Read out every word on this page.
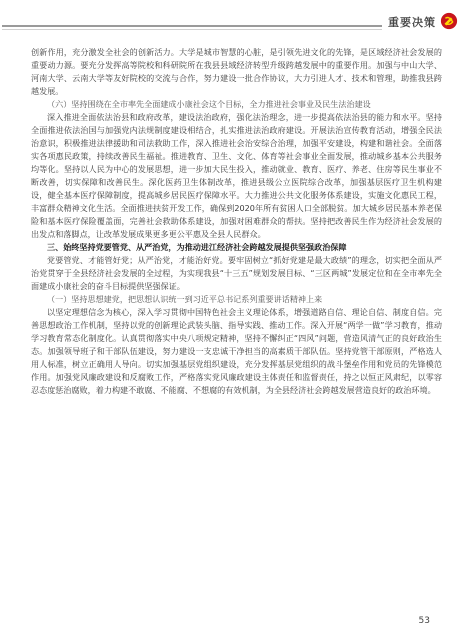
重要决策

创新作用，充分激发全社会的创新活力。大学是城市智慧的心脏，是引领先进文化的先锋，是区域经济社会发展的重要动力源。要充分发挥高等院校和科研院所在我县县域经济转型升级跨越发展中的重要作用。加强与中山大学、河南大学、云南大学等友好院校的交流与合作，努力建设一批合作协议，大力引进人才、技术和管理，助推我县跨越发展。

（六）坚持围绕在全市率先全面建成小康社会这个目标，全力推进社会事业及民生法治建设

深入推进全面依法治县和政府改革，建设法治政府，强化法治理念，进一步提高依法治县的能力和水平。坚持全面推进依法治国与加强党内法规制度建设相结合，扎实推进法治政府建设。开展法治宣传教育活动，增强全民法治意识，积极推进法律援助和司法救助工作，深入推进社会治安综合治理，加强平安建设，构建和谐社会。全面落实各项惠民政策，持续改善民生福祉。推进教育、卫生、文化、体育等社会事业全面发展，推动城乡基本公共服务均等化。坚持以人民为中心的发展思想，进一步加大民生投入，推动就业、教育、医疗、养老、住房等民生事业不断改善，切实保障和改善民生。深化医药卫生体制改革，推进县级公立医院综合改革，加强基层医疗卫生机构建设，健全基本医疗保障制度，提高城乡居民医疗保障水平。大力推进公共文化服务体系建设，实施文化惠民工程，丰富群众精神文化生活。全面推进扶贫开发工作，确保到2020年所有贫困人口全部脱贫。加大城乡居民基本养老保险和基本医疗保险覆盖面，完善社会救助体系建设，加强对困难群众的帮扶。坚持把改善民生作为经济社会发展的出发点和落脚点，让改革发展成果更多更公平惠及全县人民群众。

三、始终坚持党要管党、从严治党，为推动进江经济社会跨越发展提供坚强政治保障

党要管党、才能管好党；从严治党，才能治好党。要牢固树立“抓好党建是最大政绩”的理念，切实把全面从严治党贯穿于全县经济社会发展的全过程，为实现我县“十三五”规划发展目标、“三区两城”发展定位和在全市率先全面建成小康社会的奋斗目标提供坚强保证。

（一）坚持思想建党，把思想认识统一到习近平总书记系列重要讲话精神上来

以坚定理想信念为核心，深入学习贯彻中国特色社会主义理论体系，增强道路自信、理论自信、制度自信。完善思想政治工作机制，坚持以党的创新理论武装头脑、指导实践、推动工作。深入开展“两学一做”学习教育，推动学习教育常态化制度化。认真贯彻落实中央八项规定精神，坚持不懈纠正“四风”问题，营造风清气正的良好政治生态。加强领导班子和干部队伍建设，努力建设一支忠诚干净担当的高素质干部队伍。坚持党管干部原则，严格选人用人标准，树立正确用人导向。切实加强基层党组织建设，充分发挥基层党组织的战斗堡垒作用和党员的先锋模范作用。加强党风廉政建设和反腐败工作，严格落实党风廉政建设主体责任和监督责任，持之以恒正风肃纪，以零容忍态度惩治腐败，着力构建不敢腐、不能腐、不想腐的有效机制，为全县经济社会跨越发展营造良好的政治环境。

53
